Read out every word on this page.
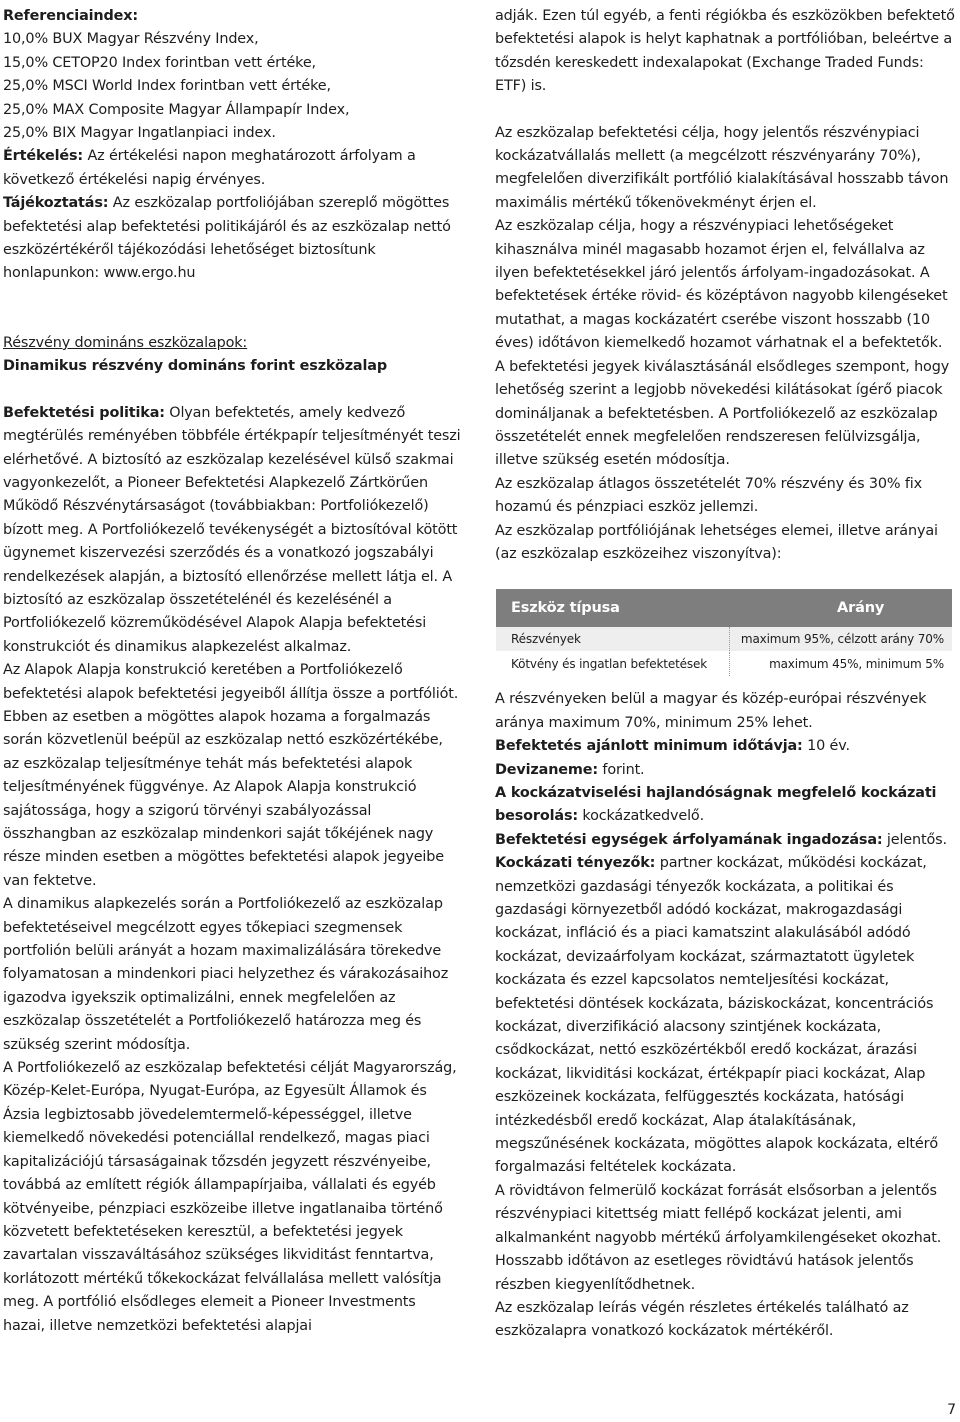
Referenciaindex:

10,0% BUX Magyar Részvény Index,

15,0% CETOP20 Index forintban vett értéke,

25,0% MSCI World Index forintban vett értéke,

25,0% MAX Composite Magyar Állampapír Index,

25,0% BIX Magyar Ingatlanpiaci index.

Értékelés: Az értékelési napon meghatározott árfolyam a következő értékelési napig érvényes.

Tájékoztatás: Az eszközalap portfoliójában szereplő mögöttes befektetési alap befektetési politikájáról és az eszközalap nettó eszközértékéről tájékozódási lehetőséget biztosítunk honlapunkon: www.ergo.hu

Részvény domináns eszközalapok:

Dinamikus részvény domináns forint eszközalap

Befektetési politika: Olyan befektetés, amely kedvező megtérülés reményében többféle értékpapír teljesítményét teszi elérhetővé. A biztosító az eszközalap kezelésével külső szakmai vagyonkezelőt, a Pioneer Befektetési Alapkezelő Zártkörűen Működő Részvénytársaságot (továbbiakban: Portfoliókezelő) bízott meg. A Portfoliókezelő tevékenységét a biztosítóval kötött ügynemet kiszervezési szerződés és a vonatkozó jogszabályi rendelkezések alapján, a biztosító ellenőrzése mellett látja el. A biztosító az eszközalap összetételénél és kezelésénél a Portfoliókezelő közreműködésével Alapok Alapja befektetési konstrukciót és dinamikus alapkezelést alkalmaz.

Az Alapok Alapja konstrukció keretében a Portfoliókezelő befektetési alapok befektetési jegyeiből állítja össze a portfóliót. Ebben az esetben a mögöttes alapok hozama a forgalmazás során közvetlenül beépül az eszközalap nettó eszközértékébe, az eszközalap teljesítménye tehát más befektetési alapok teljesítményének függvénye. Az Alapok Alapja konstrukció sajátossága, hogy a szigorú törvényi szabályozással összhangban az eszközalap mindenkori saját tőkéjének nagy része minden esetben a mögöttes befektetési alapok jegyeibe van fektetve.

A dinamikus alapkezelés során a Portfoliókezelő az eszközalap befektetéseivel megcélzott egyes tőkepiaci szegmensek portfolión belüli arányát a hozam maximalizálására törekedve folyamatosan a mindenkori piaci helyzethez és várakozásaihoz igazodva igyekszik optimalizálni, ennek megfelelően az eszközalap összetételét a Portfoliókezelő határozza meg és szükség szerint módosítja.

A Portfoliókezelő az eszközalap befektetési célját Magyarország, Közép-Kelet-Európa, Nyugat-Európa, az Egyesült Államok és Ázsia legbiztosabb jövedelemtermelő-képességgel, illetve kiemelkedő növekedési potenciállal rendelkező, magas piaci kapitalizációjú társaságainak tőzsdén jegyzett részvényeibe, továbbá az említett régiók állampapírjaiba, vállalati és egyéb kötvényeibe, pénzpiaci eszközeibe illetve ingatlanaiba történő közvetett befektetéseken keresztül, a befektetési jegyek zavartalan visszaváltásához szükséges likviditást fenntartva, korlátozott mértékű tőkekockázat felvállalása mellett valósítja meg. A portfólió elsődleges elemeit a Pioneer Investments hazai, illetve nemzetközi befektetési alapjai

adják. Ezen túl egyéb, a fenti régiókba és eszközökben befektető befektetési alapok is helyt kaphatnak a portfólióban, beleértve a tőzsdén kereskedett indexalapokat (Exchange Traded Funds: ETF) is.

Az eszközalap befektetési célja, hogy jelentős részvénypiaci kockázatvállalás mellett (a megcélzott részvényarány 70%), megfelelően diverzifikált portfólió kialakításával hosszabb távon maximális mértékű tőkenövekményt érjen el.

Az eszközalap célja, hogy a részvénypiaci lehetőségeket kihasználva minél magasabb hozamot érjen el, felvállalva az ilyen befektetésekkel járó jelentős árfolyam-ingadozásokat. A befektetések értéke rövid- és középtávon nagyobb kilengéseket mutathat, a magas kockázatért cserébe viszont hosszabb (10 éves) időtávon kiemelkedő hozamot várhatnak el a befektetők.

A befektetési jegyek kiválasztásánál elsődleges szempont, hogy lehetőség szerint a legjobb növekedési kilátásokat ígérő piacok domináljanak a befektetésben. A Portfoliókezelő az eszközalap összetételét ennek megfelelően rendszeresen felülvizsgálja, illetve szükség esetén módosítja.

Az eszközalap átlagos összetételét 70% részvény és 30% fix hozamú és pénzpiaci eszköz jellemzi.

Az eszközalap portfóliójának lehetséges elemei, illetve arányai (az eszközalap eszközeihez viszonyítva):

Eszköz típusa	Arány
Részvények	maximum 95%, célzott arány 70%
Kötvény és ingatlan befektetések	maximum 45%, minimum 5%

A részvényeken belül a magyar és közép-európai részvények aránya maximum 70%, minimum 25% lehet.

Befektetés ajánlott minimum időtávja: 10 év.

Devizaneme: forint.

A kockázatviselési hajlandóságnak megfelelő kockázati besorolás: kockázatkedvelő.

Befektetési egységek árfolyamának ingadozása: jelentős.

Kockázati tényezők: partner kockázat, működési kockázat, nemzetközi gazdasági tényezők kockázata, a politikai és gazdasági környezetből adódó kockázat, makrogazdasági kockázat, infláció és a piaci kamatszint alakulásából adódó kockázat, devizaárfolyam kockázat, származtatott ügyletek kockázata és ezzel kapcsolatos nemteljesítési kockázat, befektetési döntések kockázata, báziskockázat, koncentrációs kockázat, diverzifikáció alacsony szintjének kockázata, csődkockázat, nettó eszközértékből eredő kockázat, árazási kockázat, likviditási kockázat, értékpapír piaci kockázat, Alap eszközeinek kockázata, felfüggesztés kockázata, hatósági intézkedésből eredő kockázat, Alap átalakításának, megszűnésének kockázata, mögöttes alapok kockázata, eltérő forgalmazási feltételek kockázata.

A rövidtávon felmerülő kockázat forrását elsősorban a jelentős részvénypiaci kitettség miatt fellépő kockázat jelenti, ami alkalmanként nagyobb mértékű árfolyamkilengéseket okozhat. Hosszabb időtávon az esetleges rövidtávú hatások jelentős részben kiegyenlítődhetnek.

Az eszközalap leírás végén részletes értékelés található az eszközalapra vonatkozó kockázatok mértékéről.

7
